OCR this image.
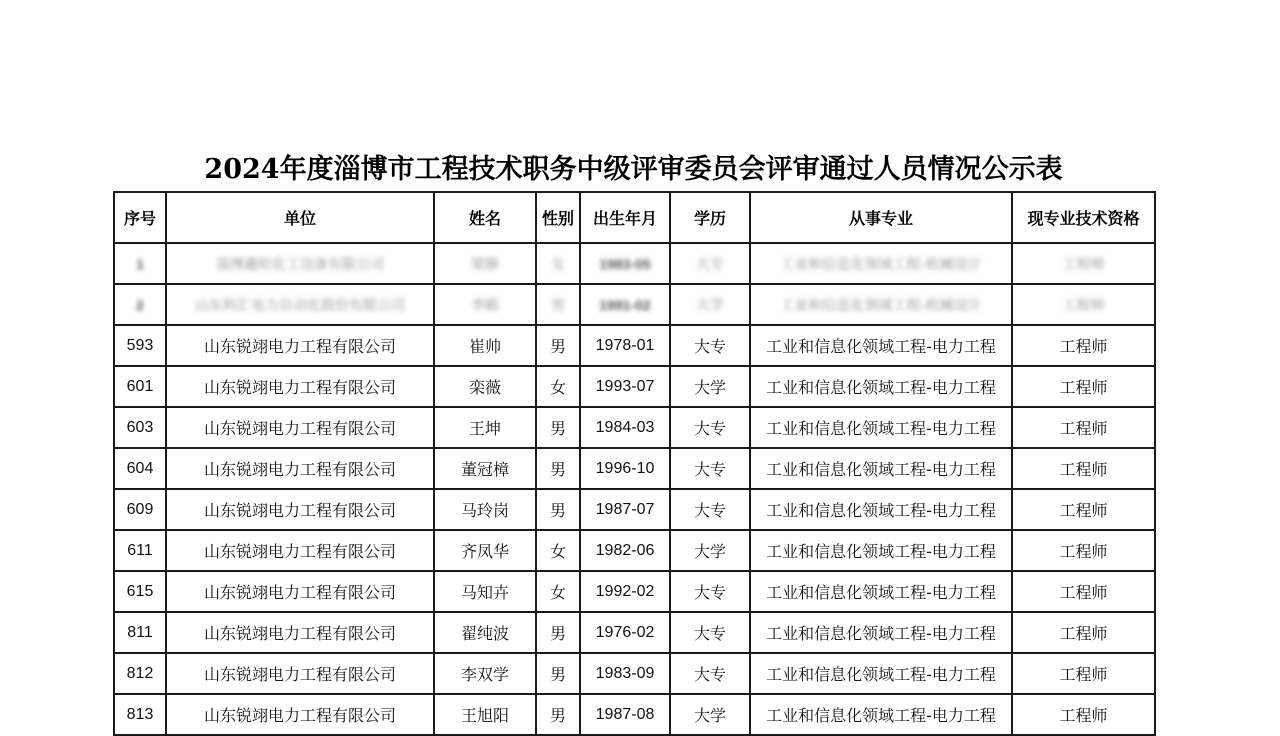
2024年度淄博市工程技术职务中级评审委员会评审通过人员情况公示表
序号	单位	姓名	性别	出生年月	学历	从事专业	现专业技术资格
1	淄博鑫哈化工设备有限公司	梁静	女	1983-05	大专	工业和信息化领域工程-机械设计	工程师
2	山东科汇电力自动化股份有限公司	李路	男	1991-02	大学	工业和信息化领域工程-机械设计	工程师
593	山东锐翊电力工程有限公司	崔帅	男	1978-01	大专	工业和信息化领域工程-电力工程	工程师
601	山东锐翊电力工程有限公司	栾薇	女	1993-07	大学	工业和信息化领域工程-电力工程	工程师
603	山东锐翊电力工程有限公司	王坤	男	1984-03	大专	工业和信息化领域工程-电力工程	工程师
604	山东锐翊电力工程有限公司	董冠樟	男	1996-10	大专	工业和信息化领域工程-电力工程	工程师
609	山东锐翊电力工程有限公司	马玲岗	男	1987-07	大专	工业和信息化领域工程-电力工程	工程师
611	山东锐翊电力工程有限公司	齐凤华	女	1982-06	大学	工业和信息化领域工程-电力工程	工程师
615	山东锐翊电力工程有限公司	马知卉	女	1992-02	大专	工业和信息化领域工程-电力工程	工程师
811	山东锐翊电力工程有限公司	翟纯波	男	1976-02	大专	工业和信息化领域工程-电力工程	工程师
812	山东锐翊电力工程有限公司	李双学	男	1983-09	大专	工业和信息化领域工程-电力工程	工程师
813	山东锐翊电力工程有限公司	王旭阳	男	1987-08	大学	工业和信息化领域工程-电力工程	工程师
